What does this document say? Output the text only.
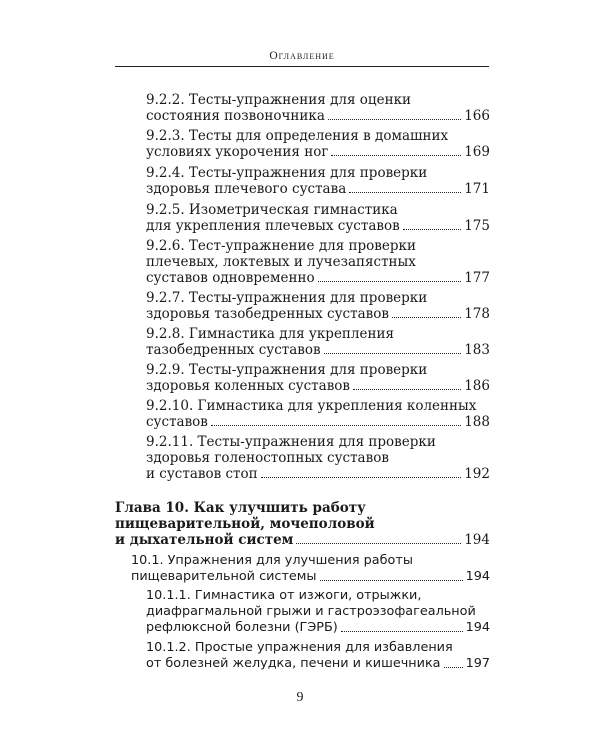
Оглавление
9.2.2. Тесты-упражнения для оценки
состояния позвоночника	166
9.2.3. Тесты для определения в домашних
условиях укорочения ног	169
9.2.4. Тесты-упражнения для проверки
здоровья плечевого сустава	171
9.2.5. Изометрическая гимнастика
для укрепления плечевых суставов	175
9.2.6. Тест-упражнение для проверки
плечевых, локтевых и лучезапястных
суставов одновременно	177
9.2.7. Тесты-упражнения для проверки
здоровья тазобедренных суставов	178
9.2.8. Гимнастика для укрепления
тазобедренных суставов	183
9.2.9. Тесты-упражнения для проверки
здоровья коленных суставов	186
9.2.10. Гимнастика для укрепления коленных
суставов	188
9.2.11. Тесты-упражнения для проверки
здоровья голеностопных суставов
и суставов стоп	192
Глава 10. Как улучшить работу
пищеварительной, мочеполовой
и дыхательной систем	194
10.1. Упражнения для улучшения работы
пищеварительной системы	194
10.1.1. Гимнастика от изжоги, отрыжки,
диафрагмальной грыжи и гастроэзофагеальной
рефлюксной болезни (ГЭРБ)	194
10.1.2. Простые упражнения для избавления
от болезней желудка, печени и кишечника 197
9
